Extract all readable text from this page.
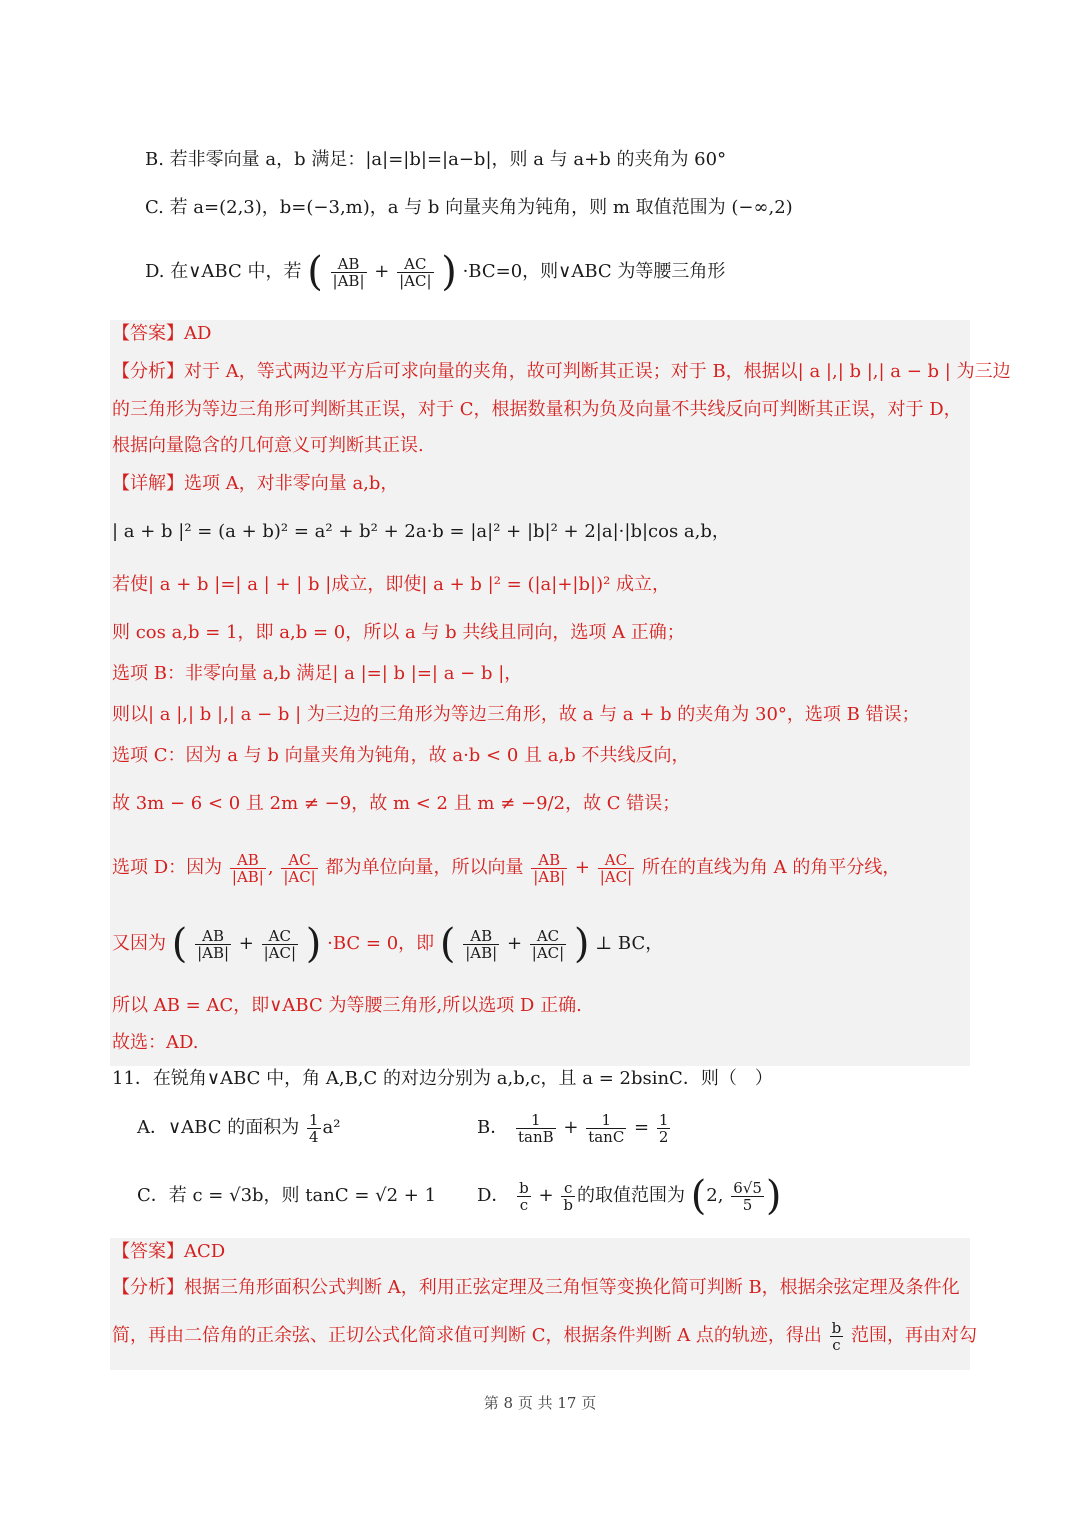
B. 若非零向量 a，b 满足：|a|=|b|=|a−b|，则 a 与 a+b 的夹角为 60°
C. 若 a=(2,3)，b=(−3,m)，a 与 b 向量夹角为钝角，则 m 取值范围为 (−∞,2)
D. 在∨ABC 中，若 ( $\frac{AB}{|AB|} + \frac{AC}{|AC|}$ ) ·BC=0，则∨ABC 为等腰三角形
【答案】AD
【分析】对于 A，等式两边平方后可求向量的夹角，故可判断其正误；对于 B，根据以| a |,| b |,| a − b | 为三边
的三角形为等边三角形可判断其正误，对于 C，根据数量积为负及向量不共线反向可判断其正误，对于 D，
根据向量隐含的几何意义可判断其正误.
【详解】选项 A，对非零向量 a,b，
| a + b |² = (a + b)² = a² + b² + 2a·b = |a|² + |b|² + 2|a|·|b|cos a,b，
若使| a + b |=| a | + | b |成立，即使| a + b |² = (|a|+|b|)² 成立，
则 cos a,b = 1，即 a,b = 0，所以 a 与 b 共线且同向，选项 A 正确；
选项 B：非零向量 a,b 满足| a |=| b |=| a − b |，
则以| a |,| b |,| a − b | 为三边的三角形为等边三角形，故 a 与 a + b 的夹角为 30°，选项 B 错误；
选项 C：因为 a 与 b 向量夹角为钝角，故 a·b < 0 且 a,b 不共线反向，
故 3m − 6 < 0 且 2m ≠ −9，故 m < 2 且 m ≠ −9/2，故 C 错误；
选项 D：因为 $\frac{AB}{|AB|}$ , $\frac{AC}{|AC|}$ 都为单位向量，所以向量 $\frac{AB}{|AB|} + \frac{AC}{|AC|}$ 所在的直线为角 A 的角平分线，
又因为 ( $\frac{AB}{|AB|} + \frac{AC}{|AC|}$ ) ·BC = 0，即 ( $\frac{AB}{|AB|} + \frac{AC}{|AC|}$ ) ⊥ BC，
所以 AB = AC，即∨ABC 为等腰三角形,所以选项 D 正确.
故选：AD.
11．在锐角∨ABC 中，角 A,B,C 的对边分别为 a,b,c，且 a = 2bsinC．则（　）
A．∨ABC 的面积为 $\frac{1}{4} a^2$	B． $\frac{1}{\tan B} + \frac{1}{\tan C} = \frac{1}{2}$
C．若 c = √3b，则 tanC = √2 + 1 D． $\frac{b}{c} + \frac{c}{b}$ 的取值范围为 (2, $\frac{6√5}{5}$ )
【答案】ACD
【分析】根据三角形面积公式判断 A，利用正弦定理及三角恒等变换化简可判断 B，根据余弦定理及条件化
简，再由二倍角的正余弦、正切公式化简求值可判断 C，根据条件判断 A 点的轨迹，得出 $\frac{b}{c}$ 范围，再由对勾
第 8 页 共 17 页
